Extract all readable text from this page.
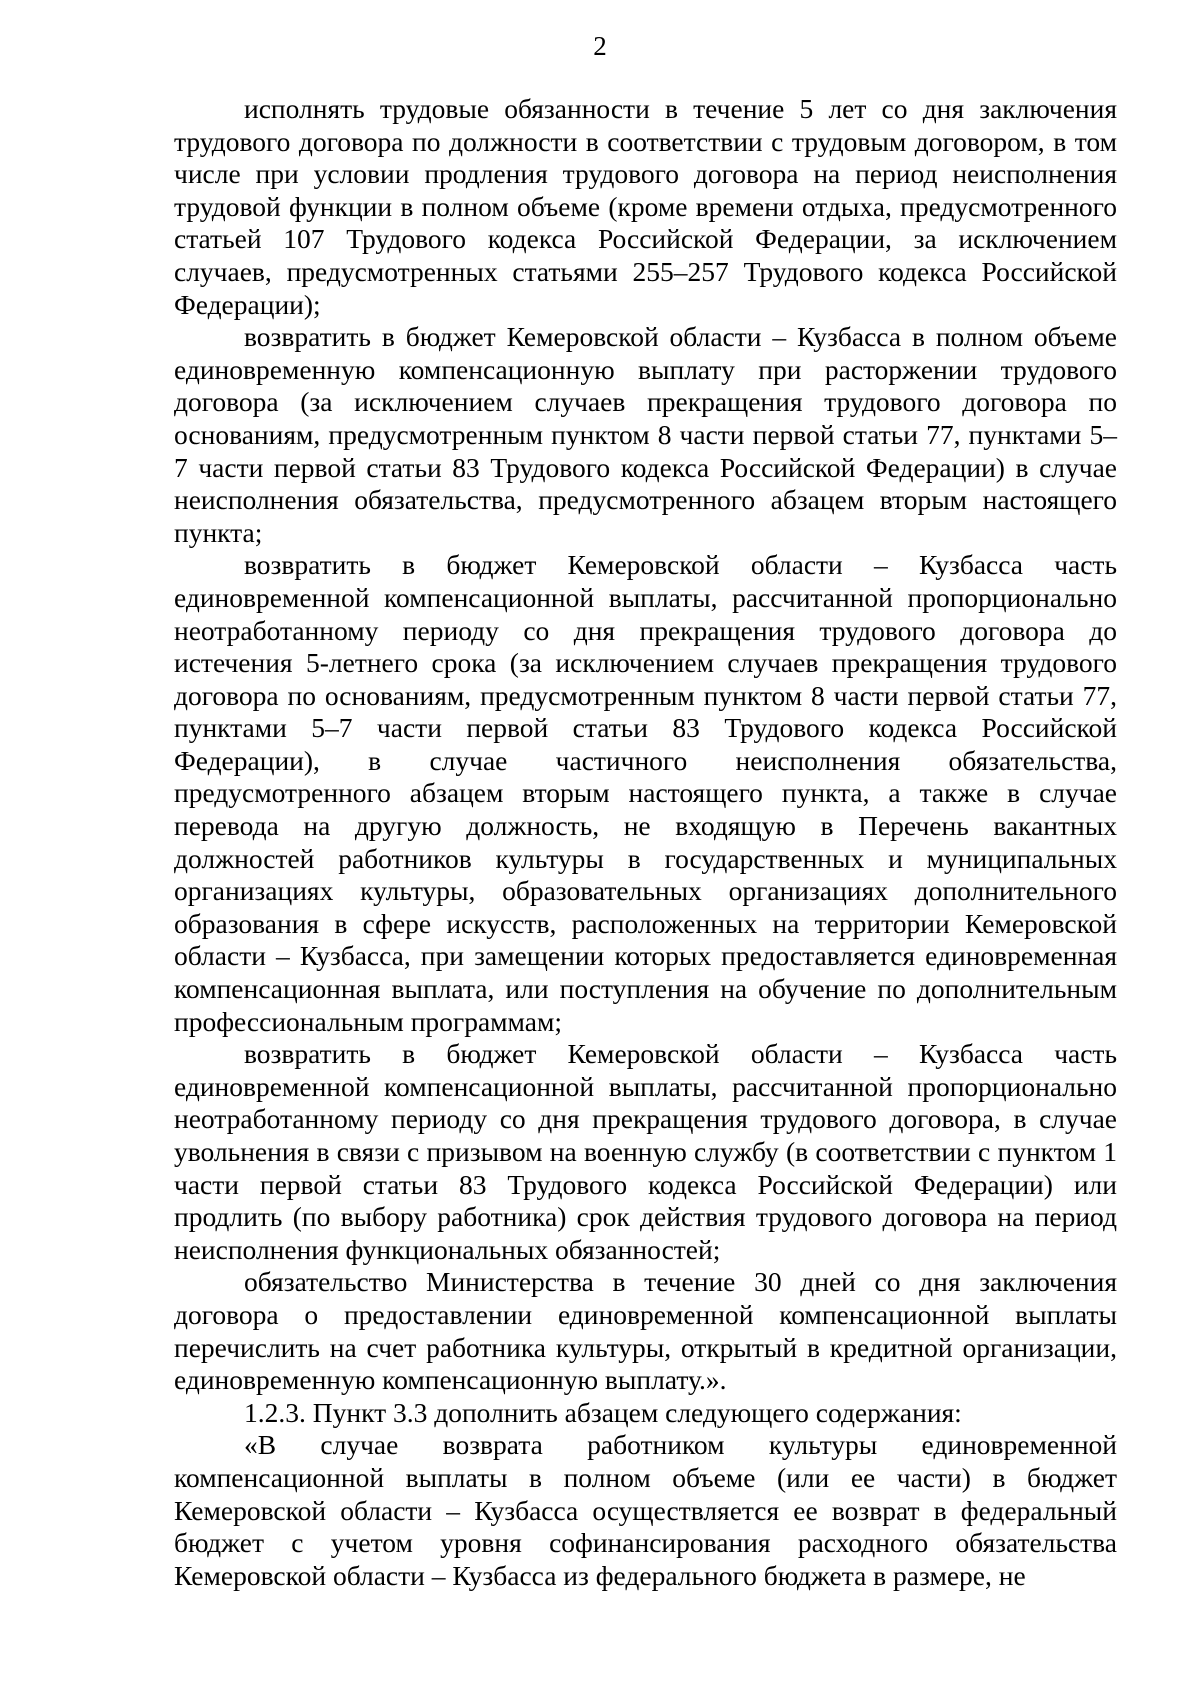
2

исполнять трудовые обязанности в течение 5 лет со дня заключения трудового договора по должности в соответствии с трудовым договором, в том числе при условии продления трудового договора на период неисполнения трудовой функции в полном объеме (кроме времени отдыха, предусмотренного статьей 107 Трудового кодекса Российской Федерации, за исключением случаев, предусмотренных статьями 255–257 Трудового кодекса Российской Федерации);

возвратить в бюджет Кемеровской области – Кузбасса в полном объеме единовременную компенсационную выплату при расторжении трудового договора (за исключением случаев прекращения трудового договора по основаниям, предусмотренным пунктом 8 части первой статьи 77, пунктами 5–7 части первой статьи 83 Трудового кодекса Российской Федерации) в случае неисполнения обязательства, предусмотренного абзацем вторым настоящего пункта;

возвратить в бюджет Кемеровской области – Кузбасса часть единовременной компенсационной выплаты, рассчитанной пропорционально неотработанному периоду со дня прекращения трудового договора до истечения 5-летнего срока (за исключением случаев прекращения трудового договора по основаниям, предусмотренным пунктом 8 части первой статьи 77, пунктами 5–7 части первой статьи 83 Трудового кодекса Российской Федерации), в случае частичного неисполнения обязательства, предусмотренного абзацем вторым настоящего пункта, а также в случае перевода на другую должность, не входящую в Перечень вакантных должностей работников культуры в государственных и муниципальных организациях культуры, образовательных организациях дополнительного образования в сфере искусств, расположенных на территории Кемеровской области – Кузбасса, при замещении которых предоставляется единовременная компенсационная выплата, или поступления на обучение по дополнительным профессиональным программам;

возвратить в бюджет Кемеровской области – Кузбасса часть единовременной компенсационной выплаты, рассчитанной пропорционально неотработанному периоду со дня прекращения трудового договора, в случае увольнения в связи с призывом на военную службу (в соответствии с пунктом 1 части первой статьи 83 Трудового кодекса Российской Федерации) или продлить (по выбору работника) срок действия трудового договора на период неисполнения функциональных обязанностей;

обязательство Министерства в течение 30 дней со дня заключения договора о предоставлении единовременной компенсационной выплаты перечислить на счет работника культуры, открытый в кредитной организации, единовременную компенсационную выплату.».

1.2.3. Пункт 3.3 дополнить абзацем следующего содержания:

«В случае возврата работником культуры единовременной компенсационной выплаты в полном объеме (или ее части) в бюджет Кемеровской области – Кузбасса осуществляется ее возврат в федеральный бюджет с учетом уровня софинансирования расходного обязательства Кемеровской области – Кузбасса из федерального бюджета в размере, не
